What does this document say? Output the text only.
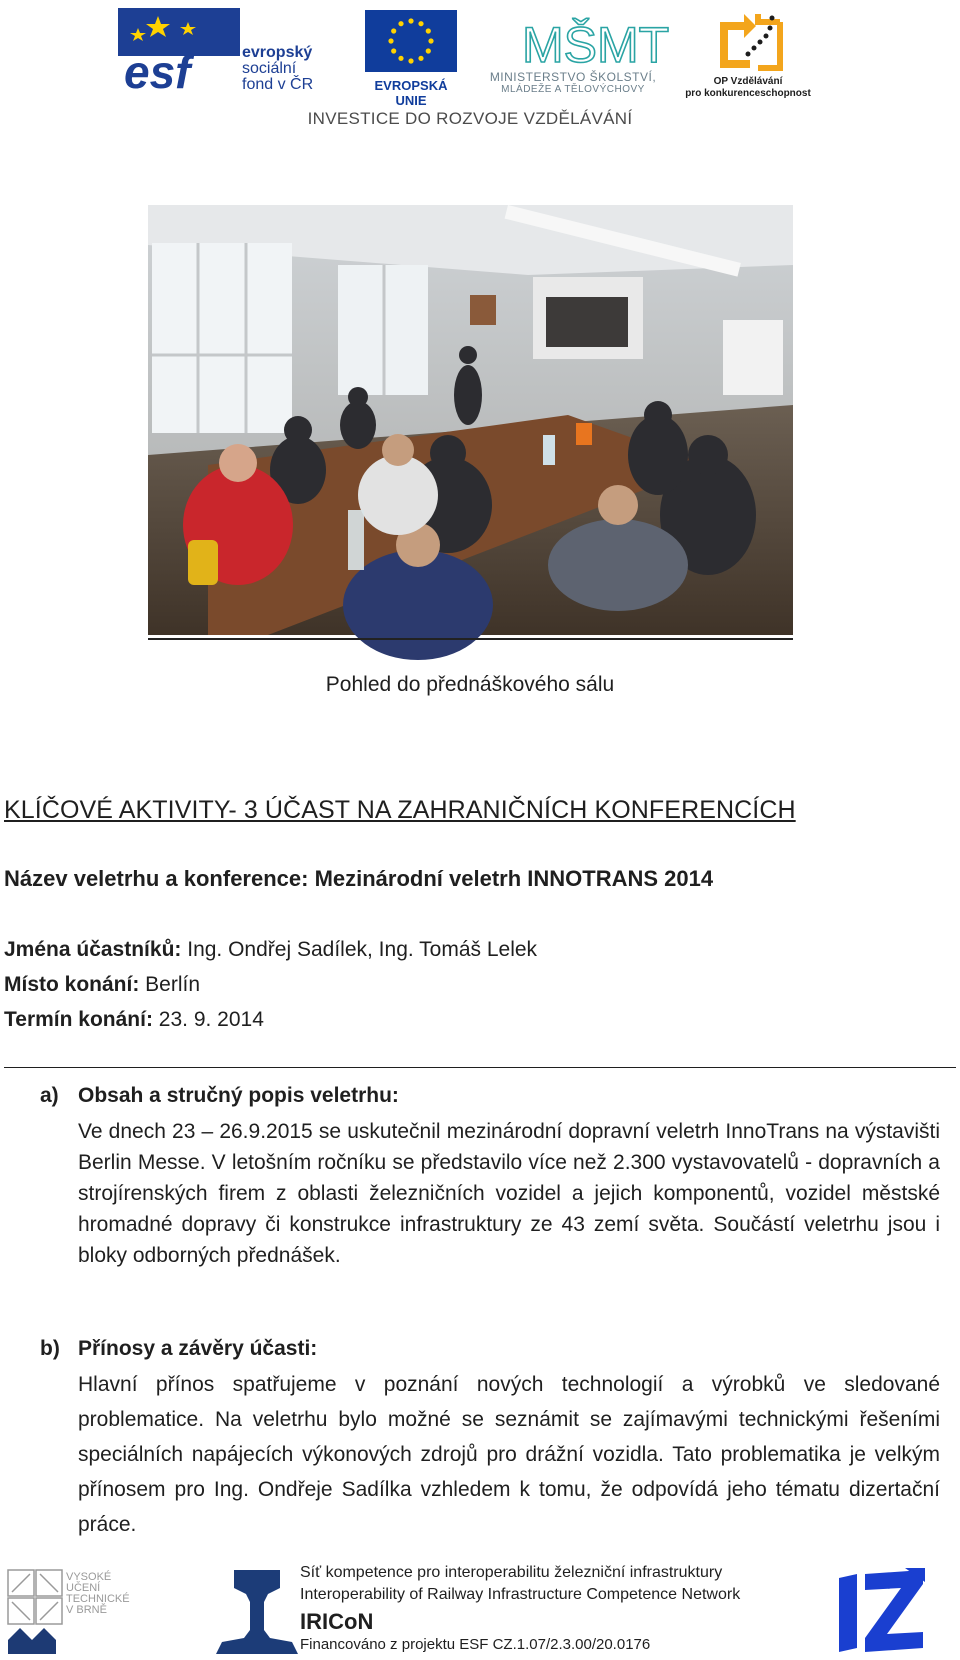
esf	evropský
sociální
fond v ČR	EVROPSKÁ UNIE
MŠMT
MINISTERSTVO ŠKOLSTVÍ,
MLÁDEŽE A TĚLOVÝCHOVY
OP Vzdělávání
pro konkurenceschopnost
INVESTICE DO ROZVOJE VZDĚLÁVÁNÍ
Pohled do přednáškového sálu
KLÍČOVÉ AKTIVITY- 3 ÚČAST NA ZAHRANIČNÍCH KONFERENCÍCH
Název veletrhu a konference: Mezinárodní veletrh INNOTRANS 2014
Jména účastníků: Ing. Ondřej Sadílek, Ing. Tomáš Lelek
Místo konání: Berlín
Termín konání: 23. 9. 2014
a) Obsah a stručný popis veletrhu:
Ve dnech 23 – 26.9.2015 se uskutečnil mezinárodní dopravní veletrh InnoTrans na výstavišti Berlin Messe. V letošním ročníku se představilo více než 2.300 vystavovatelů - dopravních a strojírenských firem z oblasti železničních vozidel a jejich komponentů, vozidel městské hromadné dopravy či konstrukce infrastruktury ze 43 zemí světa. Součástí veletrhu jsou i bloky odborných přednášek.
b) Přínosy a závěry účasti:
Hlavní přínos spatřujeme v poznání nových technologií a výrobků ve sledované problematice. Na veletrhu bylo možné se seznámit se zajímavými technickými řešeními speciálních napájecích výkonových zdrojů pro drážní vozidla. Tato problematika je velkým přínosem pro Ing. Ondřeje Sadílka vzhledem k tomu, že odpovídá jeho tématu dizertační práce.
VYSOKÉ
UČENÍ
TECHNICKÉ
V BRNĚ
Síť kompetence pro interoperabilitu železniční infrastruktury
Interoperability of Railway Infrastructure Competence Network
IRICoN
Financováno z projektu ESF CZ.1.07/2.3.00/20.0176
